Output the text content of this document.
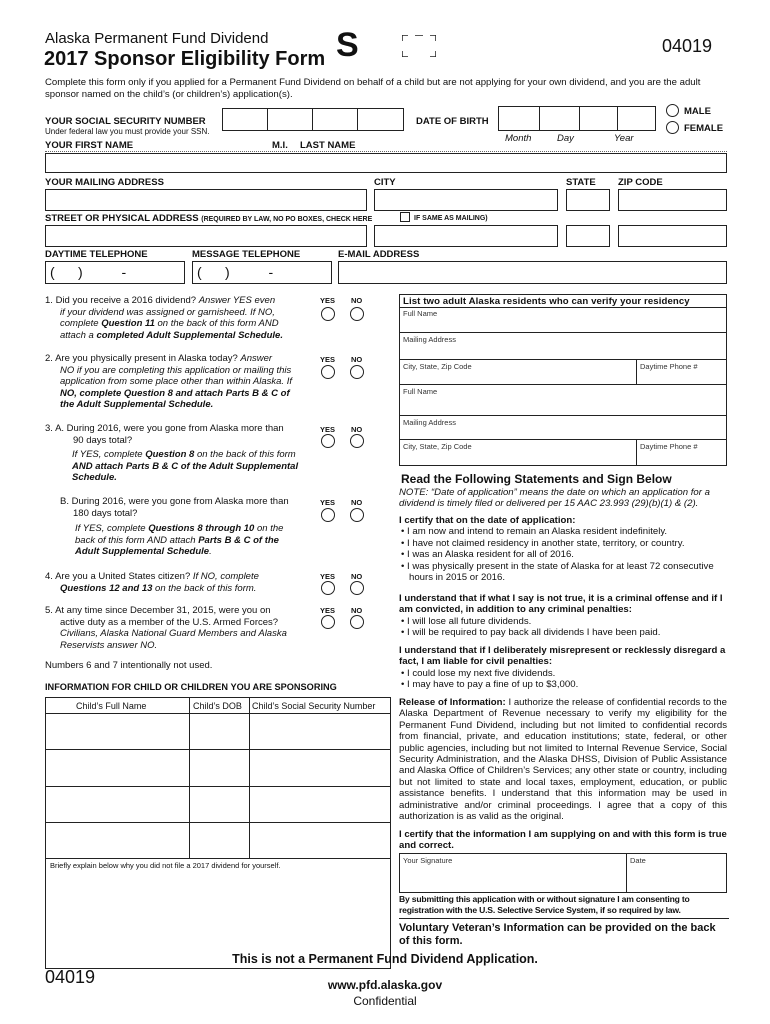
Alaska Permanent Fund Dividend
2017 Sponsor Eligibility Form S	04019
Complete this form only if you applied for a Permanent Fund Dividend on behalf of a child but are not applying for your own dividend, and you are the adult sponsor named on the child’s (or children’s) application(s).
YOUR SOCIAL SECURITY NUMBER
Under federal law you must provide your SSN.
DATE OF BIRTH
Month	Day	Year
MALE
FEMALE
YOUR FIRST NAME	M.I. LAST NAME
YOUR MAILING ADDRESS	CITY	STATE ZIP CODE
STREET OR PHYSICAL ADDRESS (REQUIRED BY LAW, NO PO BOXES, CHECK HERE	IF SAME AS MAILING)
DAYTIME TELEPHONE	MESSAGE TELEPHONE	E-MAIL ADDRESS
(      )          -	(      )          -
1. Did you receive a 2016 dividend? Answer YES even
if your dividend was assigned or garnisheed. If NO,
complete Question 11 on the back of this form AND
attach a completed Adult Supplemental Schedule.
YES NO
2. Are you physically present in Alaska today? Answer
NO if you are completing this application or mailing this
application from some place other than within Alaska. If
NO, complete Question 8 and attach Parts B & C of
the Adult Supplemental Schedule.
YES NO
3. A. During 2016, were you gone from Alaska more than
90 days total?
If YES, complete Question 8 on the back of this form
AND attach Parts B & C of the Adult Supplemental
Schedule.
YES NO
B. During 2016, were you gone from Alaska more than
180 days total?
If YES, complete Questions 8 through 10 on the
back of this form AND attach Parts B & C of the
Adult Supplemental Schedule.
YES NO
4. Are you a United States citizen? If NO, complete
Questions 12 and 13 on the back of this form.
YES NO
5. At any time since December 31, 2015, were you on
active duty as a member of the U.S. Armed Forces?
Civilians, Alaska National Guard Members and Alaska
Reservists answer NO.
YES NO
Numbers 6 and 7 intentionally not used.
INFORMATION FOR CHILD OR CHILDREN YOU ARE SPONSORING
Child’s Full Name	Child’s DOB Child’s Social Security Number
Briefly explain below why you did not file a 2017 dividend for yourself.
List two adult Alaska residents who can verify your residency
Full Name
Mailing Address
City, State, Zip Code	Daytime Phone #
Full Name
Mailing Address
City, State, Zip Code	Daytime Phone #
Read the Following Statements and Sign Below
NOTE: “Date of application” means the date on which an application for a dividend is timely filed or delivered per 15 AAC 23.993 (29)(b)(1) & (2).
I certify that on the date of application:
• I am now and intend to remain an Alaska resident indefinitely.
• I have not claimed residency in another state, territory, or country.
• I was an Alaska resident for all of 2016.
• I was physically present in the state of Alaska for at least 72 consecutive hours in 2015 or 2016.
I understand that if what I say is not true, it is a criminal offense and if I am convicted, in addition to any criminal penalties:
• I will lose all future dividends.
• I will be required to pay back all dividends I have been paid.
I understand that if I deliberately misrepresent or recklessly disregard a fact, I am liable for civil penalties:
• I could lose my next five dividends.
• I may have to pay a fine of up to $3,000.
Release of Information: I authorize the release of confidential records to the Alaska Department of Revenue necessary to verify my eligibility for the Permanent Fund Dividend, including but not limited to confidential records from financial, private, and education institutions; state, federal, or other public agencies, including but not limited to Internal Revenue Service, Social Security Administration, and the Alaska DHSS, Division of Public Assistance and Alaska Office of Children’s Services; any other state or country, including but not limited to state and local taxes, employment, education, or public assistance benefits. I understand that this information may be used in administrative and/or criminal proceedings. I agree that a copy of this authorization is as valid as the original.
I certify that the information I am supplying on and with this form is true and correct.
Your Signature	Date
By submitting this application with or without signature I am consenting to registration with the U.S. Selective Service System, if so required by law.
Voluntary Veteran’s Information can be provided on the back of this form.
This is not a Permanent Fund Dividend Application.
04019	www.pfd.alaska.gov
Confidential
